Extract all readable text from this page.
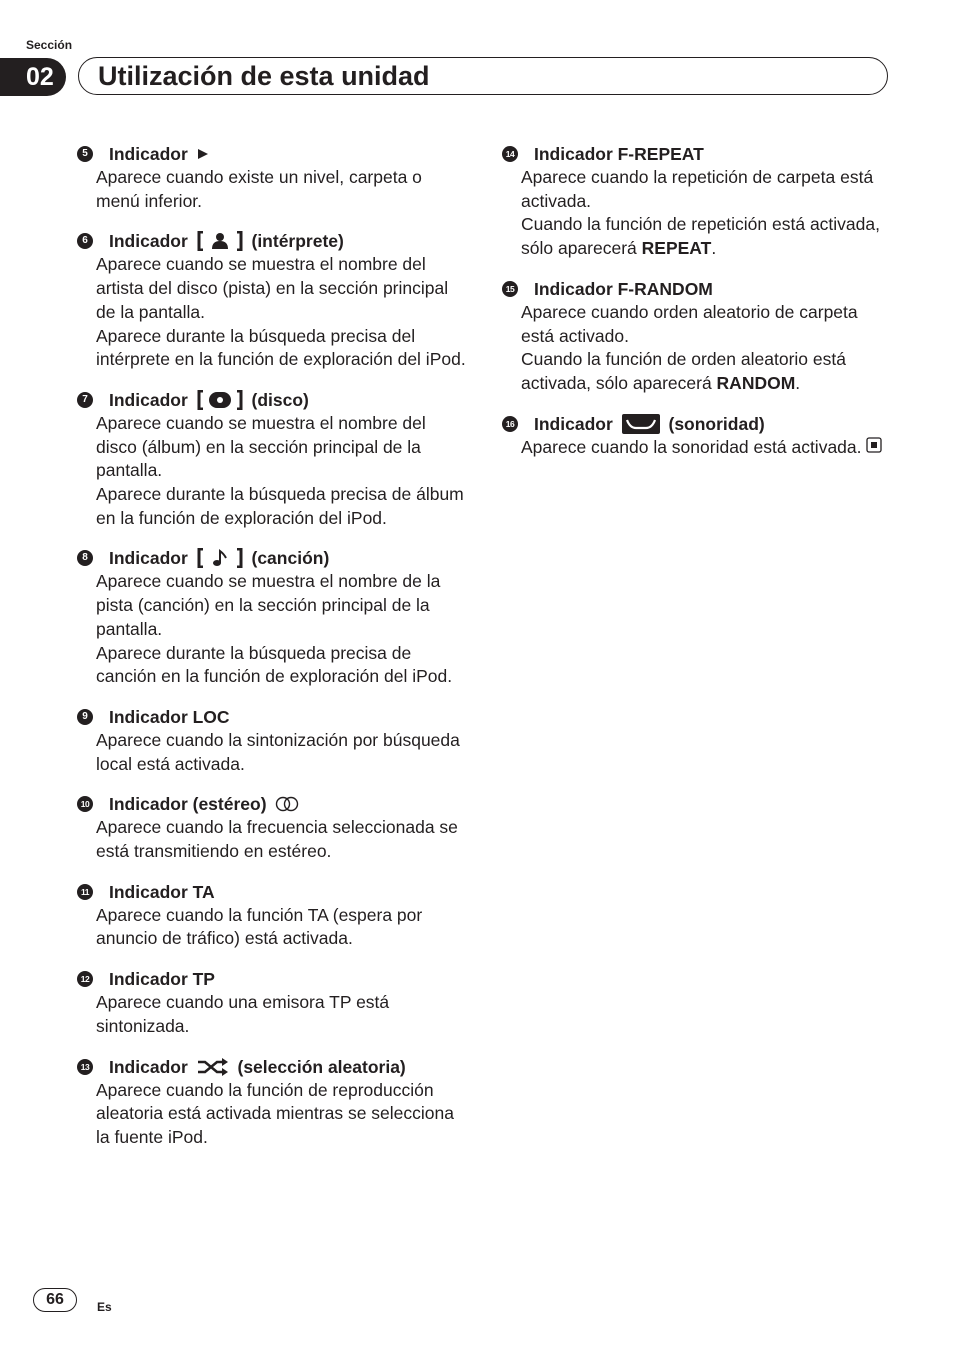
Sección
02	Utilización de esta unidad
5 Indicador

Aparece cuando existe un nivel, carpeta o menú inferior.

6 Indicador	(intérprete)

Aparece cuando se muestra el nombre del artista del disco (pista) en la sección principal de la pantalla.

Aparece durante la búsqueda precisa del intérprete en la función de exploración del iPod.

7 Indicador	(disco)

Aparece cuando se muestra el nombre del disco (álbum) en la sección principal de la pantalla.

Aparece durante la búsqueda precisa de álbum en la función de exploración del iPod.

8 Indicador	(canción)

Aparece cuando se muestra el nombre de la pista (canción) en la sección principal de la pantalla.

Aparece durante la búsqueda precisa de canción en la función de exploración del iPod.

9 Indicador LOC

Aparece cuando la sintonización por búsqueda local está activada.

10 Indicador (estéreo)

Aparece cuando la frecuencia seleccionada se está transmitiendo en estéreo.

11 Indicador TA

Aparece cuando la función TA (espera por anuncio de tráfico) está activada.

12 Indicador TP

Aparece cuando una emisora TP está sintonizada.

13 Indicador (selección aleatoria)

Aparece cuando la función de reproducción aleatoria está activada mientras se selecciona la fuente iPod.

14 Indicador F-REPEAT

Aparece cuando la repetición de carpeta está activada.

Cuando la función de repetición está activada, sólo aparecerá REPEAT.

15 Indicador F-RANDOM

Aparece cuando orden aleatorio de carpeta está activado.

Cuando la función de orden aleatorio está activada, sólo aparecerá RANDOM.

16 Indicador	(sonoridad)

Aparece cuando la sonoridad está activada.

66	Es
